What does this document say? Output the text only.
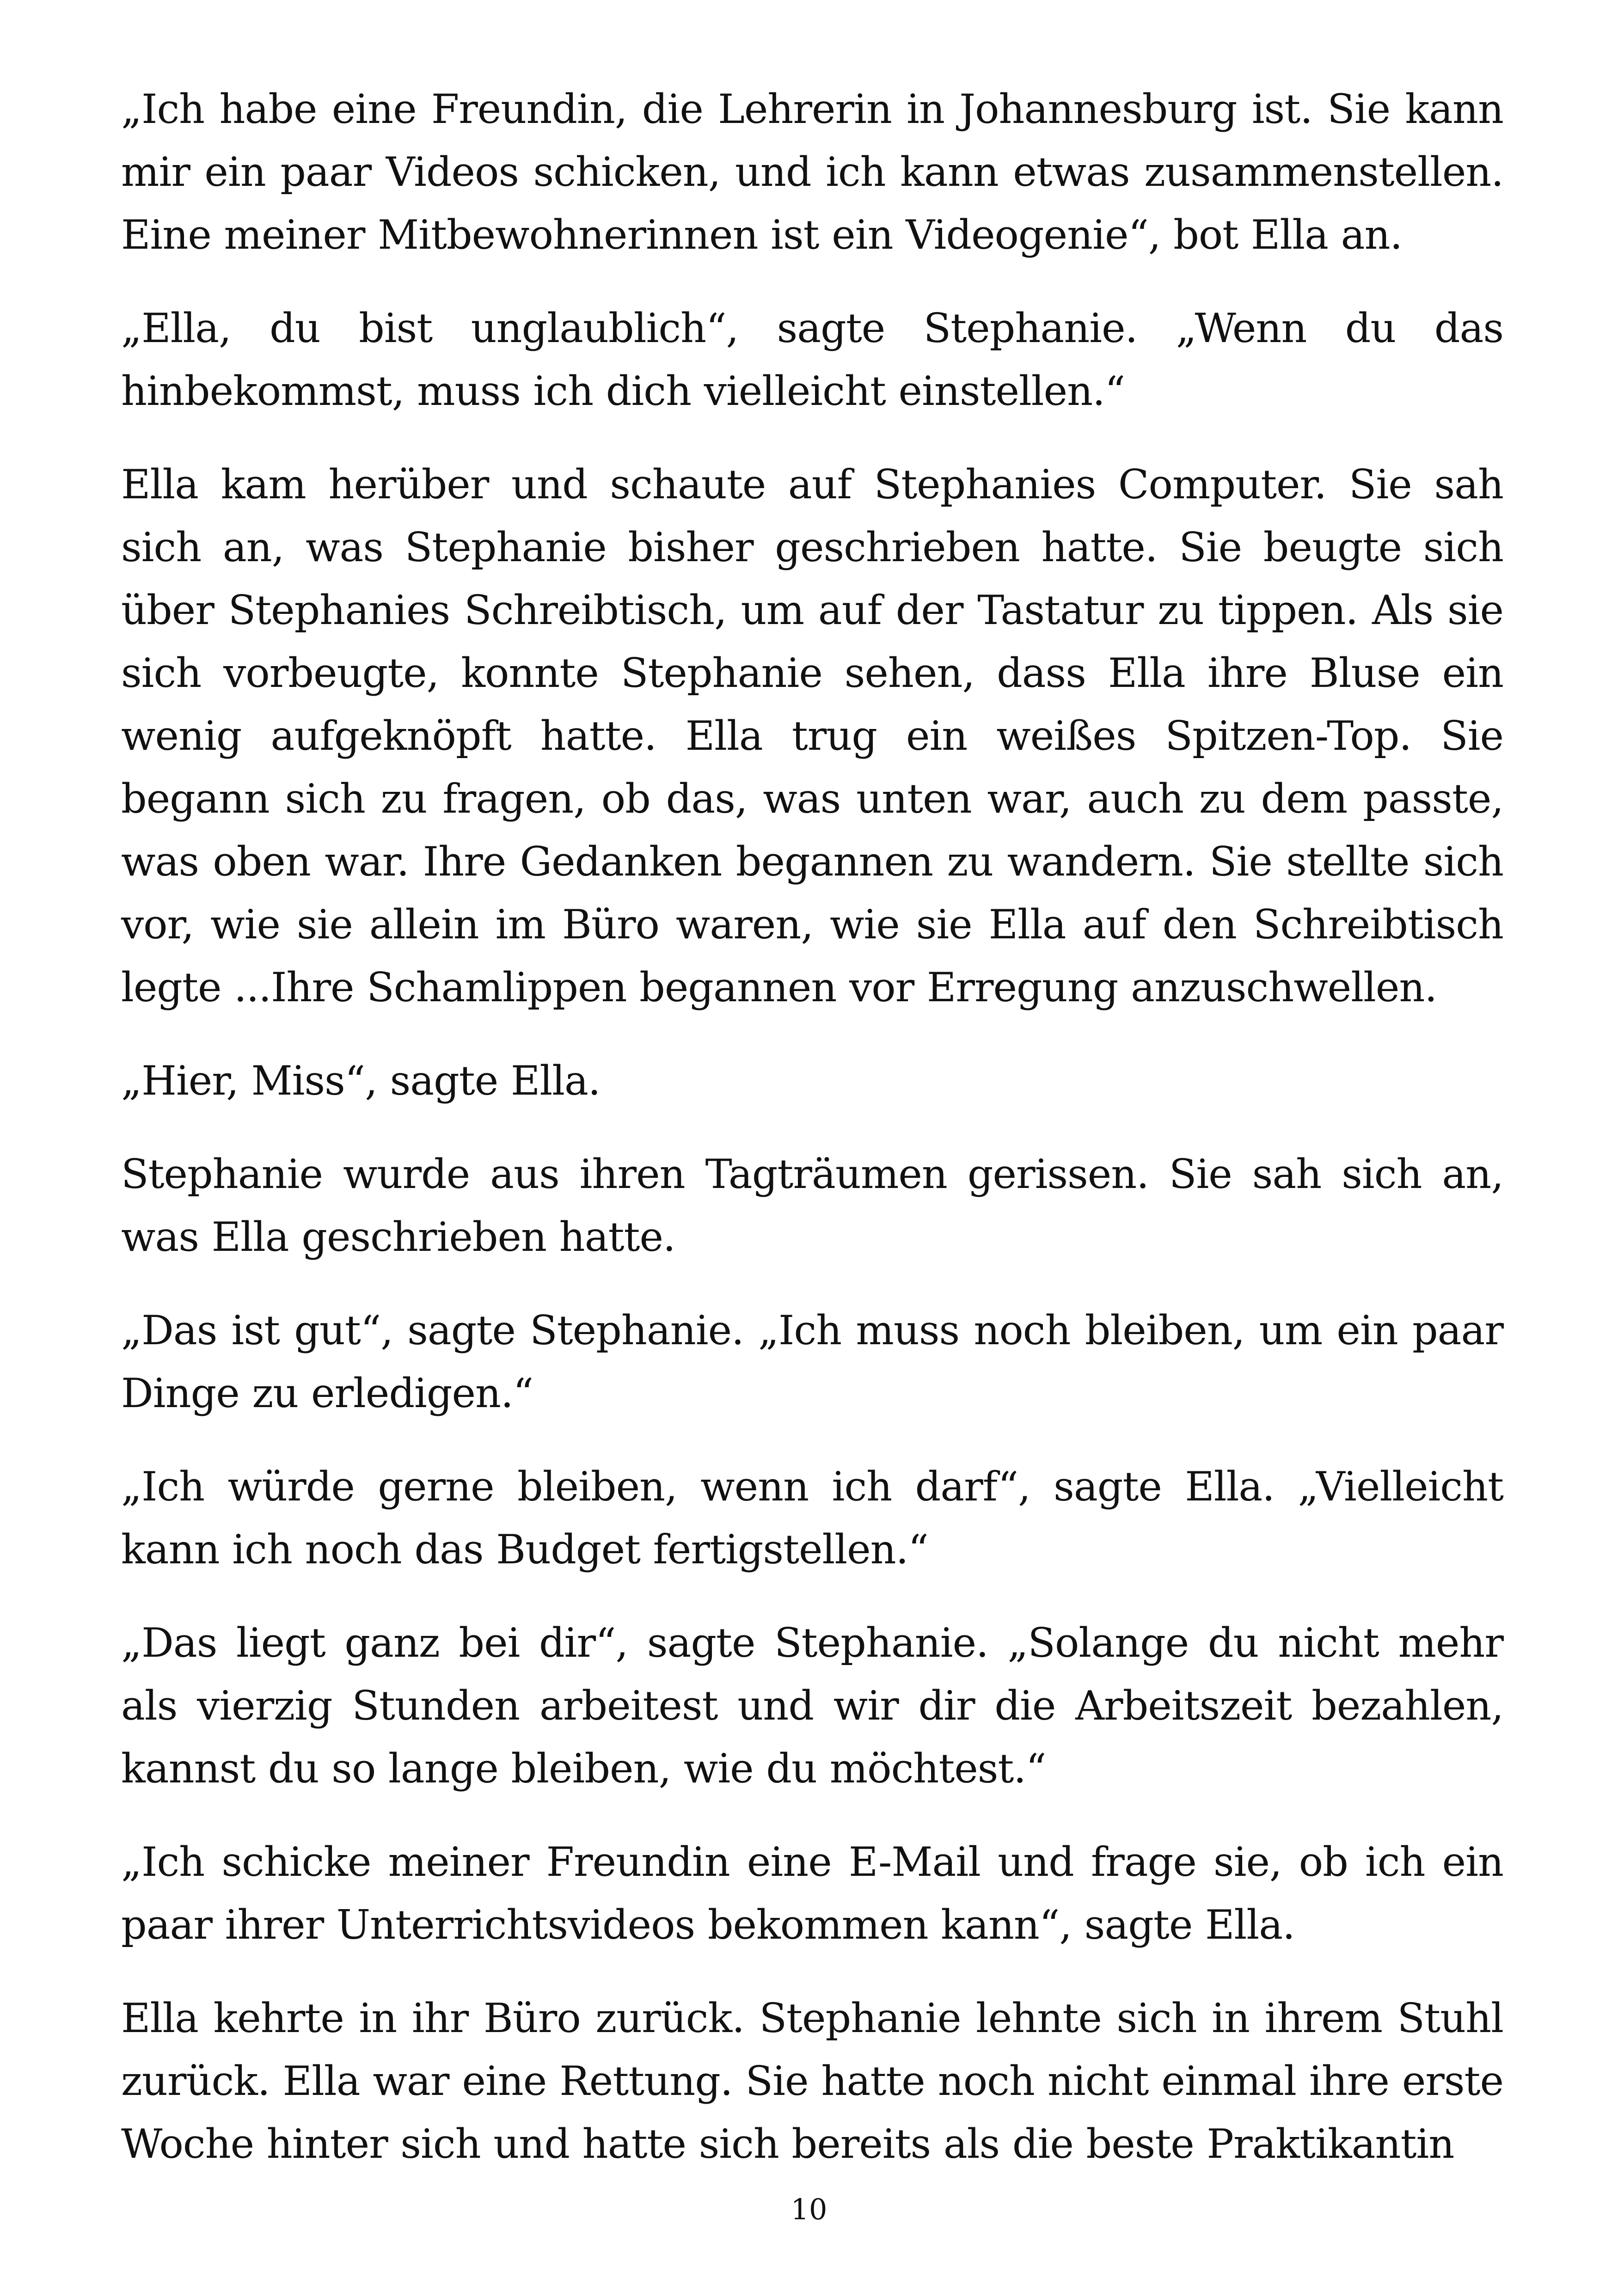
„Ich habe eine Freundin, die Lehrerin in Johannesburg ist. Sie kann mir ein paar Videos schicken, und ich kann etwas zusammenstellen. Eine meiner Mitbewohnerinnen ist ein Videogenie“, bot Ella an.

„Ella, du bist unglaublich“, sagte Stephanie. „Wenn du das hinbekommst, muss ich dich vielleicht einstellen.“

Ella kam herüber und schaute auf Stephanies Computer. Sie sah sich an, was Stephanie bisher geschrieben hatte. Sie beugte sich über Stephanies Schreibtisch, um auf der Tastatur zu tippen. Als sie sich vorbeugte, konnte Stephanie sehen, dass Ella ihre Bluse ein wenig aufgeknöpft hatte. Ella trug ein weißes Spitzen-Top. Sie begann sich zu fragen, ob das, was unten war, auch zu dem passte, was oben war. Ihre Gedanken begannen zu wandern. Sie stellte sich vor, wie sie allein im Büro waren, wie sie Ella auf den Schreibtisch legte ...Ihre Schamlippen begannen vor Erregung anzuschwellen.

„Hier, Miss“, sagte Ella.

Stephanie wurde aus ihren Tagträumen gerissen. Sie sah sich an, was Ella geschrieben hatte.

„Das ist gut“, sagte Stephanie. „Ich muss noch bleiben, um ein paar Dinge zu erledigen.“

„Ich würde gerne bleiben, wenn ich darf“, sagte Ella. „Vielleicht kann ich noch das Budget fertigstellen.“

„Das liegt ganz bei dir“, sagte Stephanie. „Solange du nicht mehr als vierzig Stunden arbeitest und wir dir die Arbeitszeit bezahlen, kannst du so lange bleiben, wie du möchtest.“

„Ich schicke meiner Freundin eine E-Mail und frage sie, ob ich ein paar ihrer Unterrichtsvideos bekommen kann“, sagte Ella.

Ella kehrte in ihr Büro zurück. Stephanie lehnte sich in ihrem Stuhl zurück. Ella war eine Rettung. Sie hatte noch nicht einmal ihre erste Woche hinter sich und hatte sich bereits als die beste Praktikantin

10
